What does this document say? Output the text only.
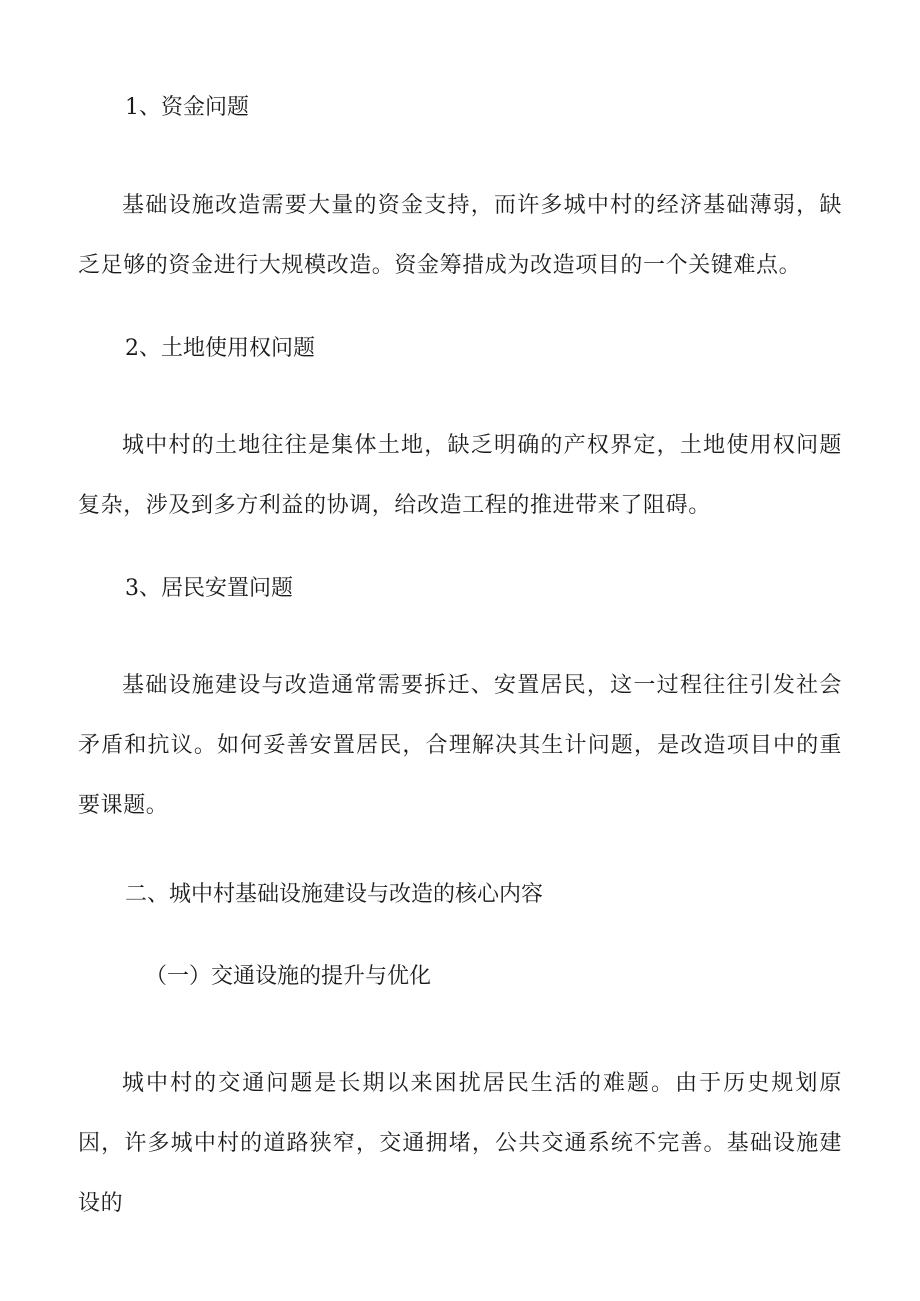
1、资金问题
基础设施改造需要大量的资金支持，而许多城中村的经济基础薄弱，缺乏足够的资金进行大规模改造。资金筹措成为改造项目的一个关键难点。
2、土地使用权问题
城中村的土地往往是集体土地，缺乏明确的产权界定，土地使用权问题复杂，涉及到多方利益的协调，给改造工程的推进带来了阻碍。
3、居民安置问题
基础设施建设与改造通常需要拆迁、安置居民，这一过程往往引发社会矛盾和抗议。如何妥善安置居民，合理解决其生计问题，是改造项目中的重要课题。
二、城中村基础设施建设与改造的核心内容
（一）交通设施的提升与优化
城中村的交通问题是长期以来困扰居民生活的难题。由于历史规划原因，许多城中村的道路狭窄，交通拥堵，公共交通系统不完善。基础设施建设的
